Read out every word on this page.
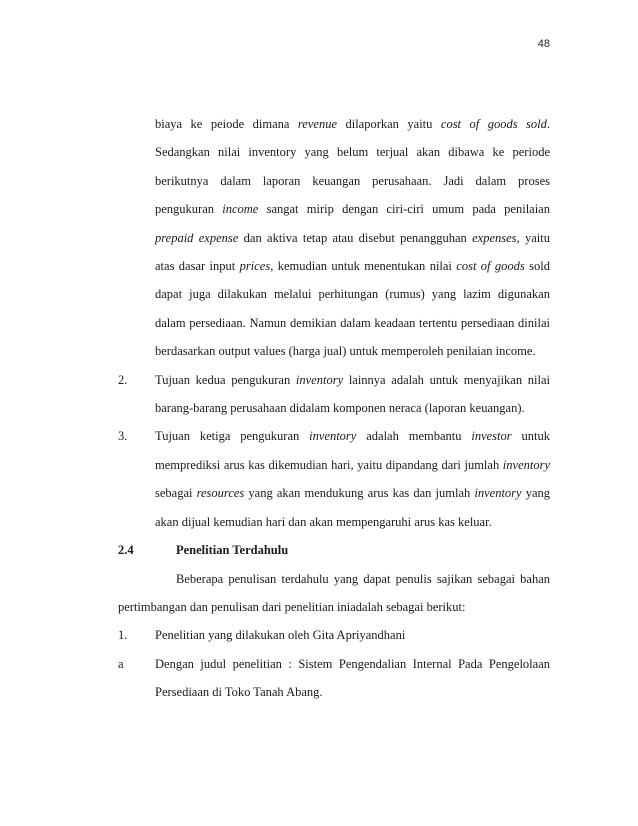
48

biaya ke peiode dimana revenue dilaporkan yaitu cost of goods sold.

Sedangkan nilai inventory yang belum terjual akan dibawa ke periode

berikutnya dalam laporan keuangan perusahaan. Jadi dalam proses

pengukuran income sangat mirip dengan ciri-ciri umum pada penilaian

prepaid expense dan aktiva tetap atau disebut penangguhan expenses, yaitu

atas dasar input prices, kemudian untuk menentukan nilai cost of goods sold

dapat juga dilakukan melalui perhitungan (rumus) yang lazim digunakan

dalam persediaan. Namun demikian dalam keadaan tertentu persediaan dinilai

berdasarkan output values (harga jual) untuk memperoleh penilaian income.

2. Tujuan kedua pengukuran inventory lainnya adalah untuk menyajikan nilai

barang-barang perusahaan didalam komponen neraca (laporan keuangan).

3. Tujuan ketiga pengukuran inventory adalah membantu investor untuk

memprediksi arus kas dikemudian hari, yaitu dipandang dari jumlah inventory

sebagai resources yang akan mendukung arus kas dan jumlah inventory yang

akan dijual kemudian hari dan akan mempengaruhi arus kas keluar.

2.4	Penelitian Terdahulu

Beberapa penulisan terdahulu yang dapat penulis sajikan sebagai bahan

pertimbangan dan penulisan dari penelitian iniadalah sebagai berikut:

1. Penelitian yang dilakukan oleh Gita Apriyandhani

a	Dengan judul penelitian : Sistem Pengendalian Internal Pada Pengelolaan

Persediaan di Toko Tanah Abang.
